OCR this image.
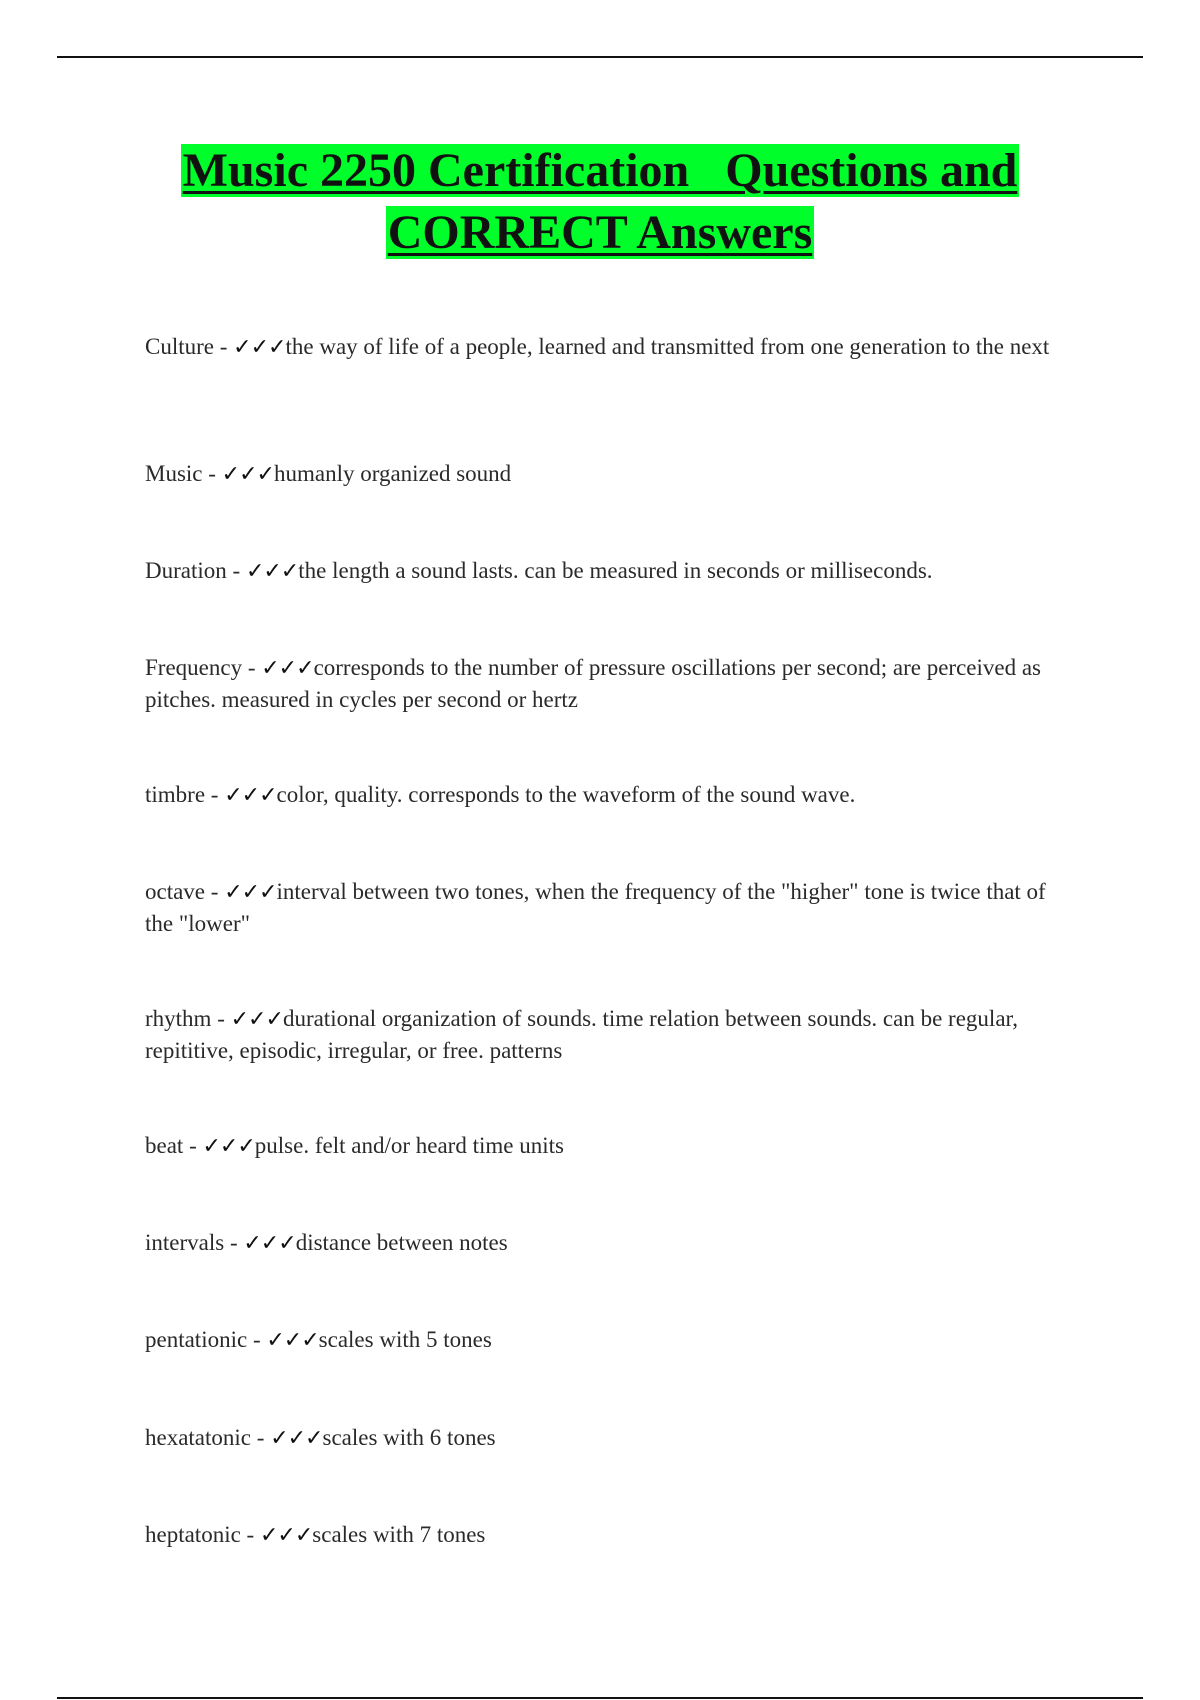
Music 2250 Certification   Questions and
CORRECT Answers
Culture - ✓✓✓the way of life of a people, learned and transmitted from one generation to the next
Music - ✓✓✓humanly organized sound
Duration - ✓✓✓the length a sound lasts. can be measured in seconds or milliseconds.
Frequency - ✓✓✓corresponds to the number of pressure oscillations per second; are perceived as pitches. measured in cycles per second or hertz
timbre - ✓✓✓color, quality. corresponds to the waveform of the sound wave.
octave - ✓✓✓interval between two tones, when the frequency of the "higher" tone is twice that of the "lower"
rhythm - ✓✓✓durational organization of sounds. time relation between sounds. can be regular, repititive, episodic, irregular, or free. patterns
beat - ✓✓✓pulse. felt and/or heard time units
intervals - ✓✓✓distance between notes
pentationic - ✓✓✓scales with 5 tones
hexatatonic - ✓✓✓scales with 6 tones
heptatonic - ✓✓✓scales with 7 tones
